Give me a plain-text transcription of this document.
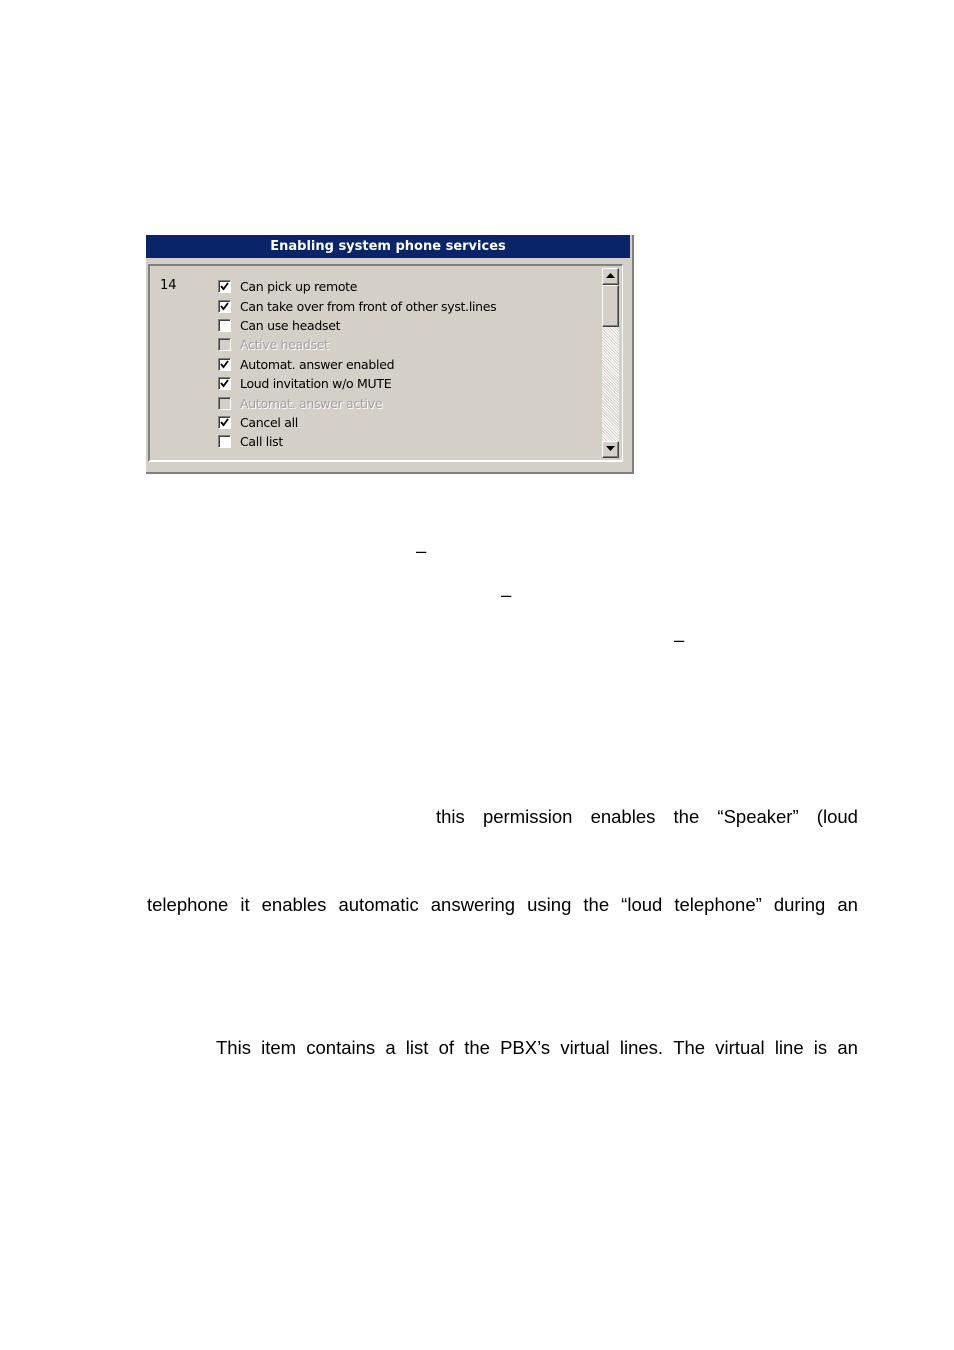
Enabling system phone services
14	Can pick up remote
Can take over from front of other syst.lines
Can use headset
Active headset
Automat. answer enabled
Loud invitation w/o MUTE
Automat. answer active
Cancel all
Call list
–
–
–
this permission enables the “Speaker” (loud
telephone it enables automatic answering using the “loud telephone” during an
This item contains a list of the PBX’s virtual lines. The virtual line is an
